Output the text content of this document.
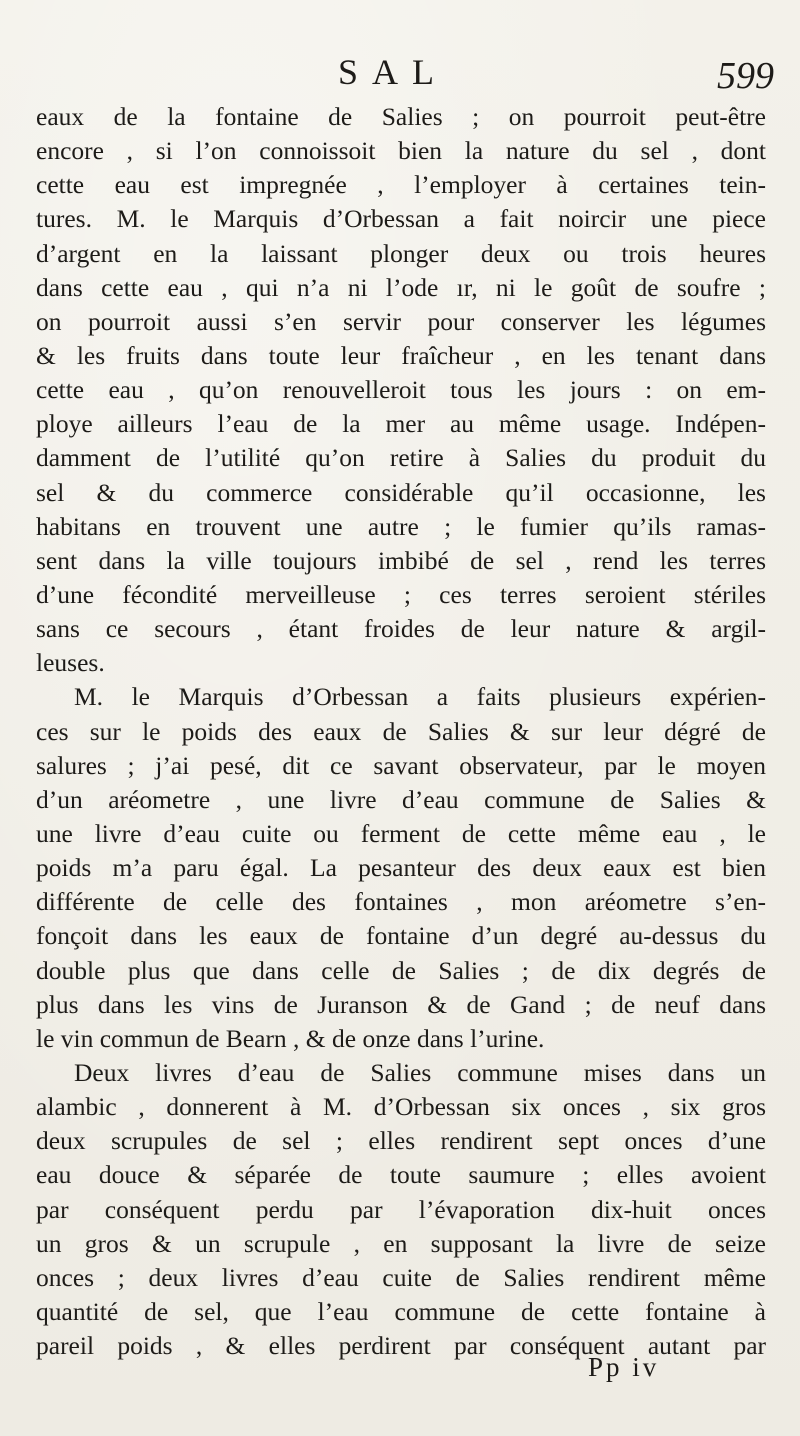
SAL	599
eaux de la fontaine de Salies ; on pourroit peut-être
encore , si l’on connoissoit bien la nature du sel , dont
cette eau est impregnée , l’employer à certaines tein-
tures. M. le Marquis d’Orbessan a fait noircir une piece
d’argent en la laissant plonger deux ou trois heures
dans cette eau , qui n’a ni l’ode ır, ni le goût de soufre ;
on pourroit aussi s’en servir pour conserver les légumes
& les fruits dans toute leur fraîcheur , en les tenant dans
cette eau , qu’on renouvelleroit tous les jours : on em-
ploye ailleurs l’eau de la mer au même usage. Indépen-
damment de l’utilité qu’on retire à Salies du produit du
sel & du commerce considérable qu’il occasionne, les
habitans en trouvent une autre ; le fumier qu’ils ramas-
sent dans la ville toujours imbibé de sel , rend les terres
d’une fécondité merveilleuse ; ces terres seroient stériles
sans ce secours , étant froides de leur nature & argil-
leuses.
M. le Marquis d’Orbessan a faits plusieurs expérien-
ces sur le poids des eaux de Salies & sur leur dégré de
salures ; j’ai pesé, dit ce savant observateur, par le moyen
d’un aréometre , une livre d’eau commune de Salies &
une livre d’eau cuite ou ferment de cette même eau , le
poids m’a paru égal. La pesanteur des deux eaux est bien
différente de celle des fontaines , mon aréometre s’en-
fonçoit dans les eaux de fontaine d’un degré au-dessus du
double plus que dans celle de Salies ; de dix degrés de
plus dans les vins de Juranson & de Gand ; de neuf dans
le vin commun de Bearn , & de onze dans l’urine.
Deux livres d’eau de Salies commune mises dans un
alambic , donnerent à M. d’Orbessan six onces , six gros
deux scrupules de sel ; elles rendirent sept onces d’une
eau douce & séparée de toute saumure ; elles avoient
par conséquent perdu par l’évaporation dix-huit onces
un gros & un scrupule , en supposant la livre de seize
onces ; deux livres d’eau cuite de Salies rendirent même
quantité de sel, que l’eau commune de cette fontaine à
pareil poids , & elles perdirent par conséquent autant par
Pp iv
